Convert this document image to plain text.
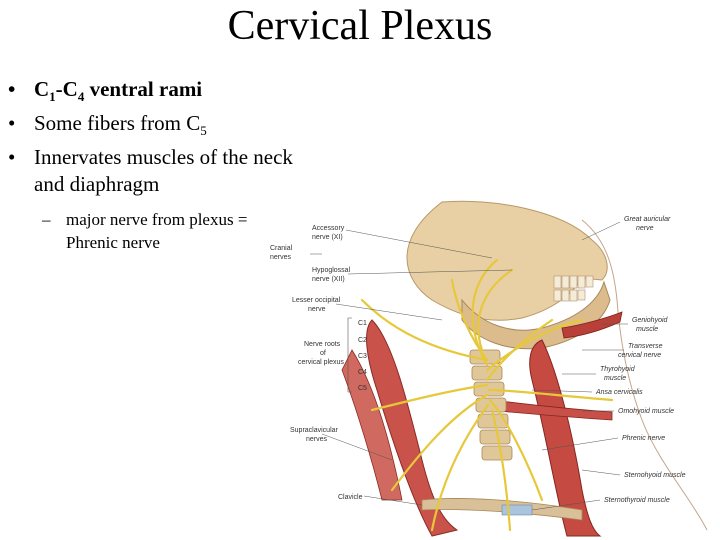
Cervical Plexus
• $C_1-C_4$ ventral rami
• Some fibers from $C_5$
• Innervates muscles of the neck and diaphragm
– major nerve from plexus =
Phrenic nerve
Accessory
nerve (XI)
Cranial
nerves
Hypoglossal
nerve (XII)
Lesser occipital
nerve
Nerve roots
of
cervical plexus
C1
C2
C3
C4
C5
Supraclavicular
nerves
Clavicle
Great auricular
nerve
Geniohyoid
muscle
Transverse
cervical nerve
Thyrohyoid
muscle
Ansa cervicalis
Omohyoid muscle
Phrenic nerve
Sternohyoid muscle
Sternothyroid muscle
